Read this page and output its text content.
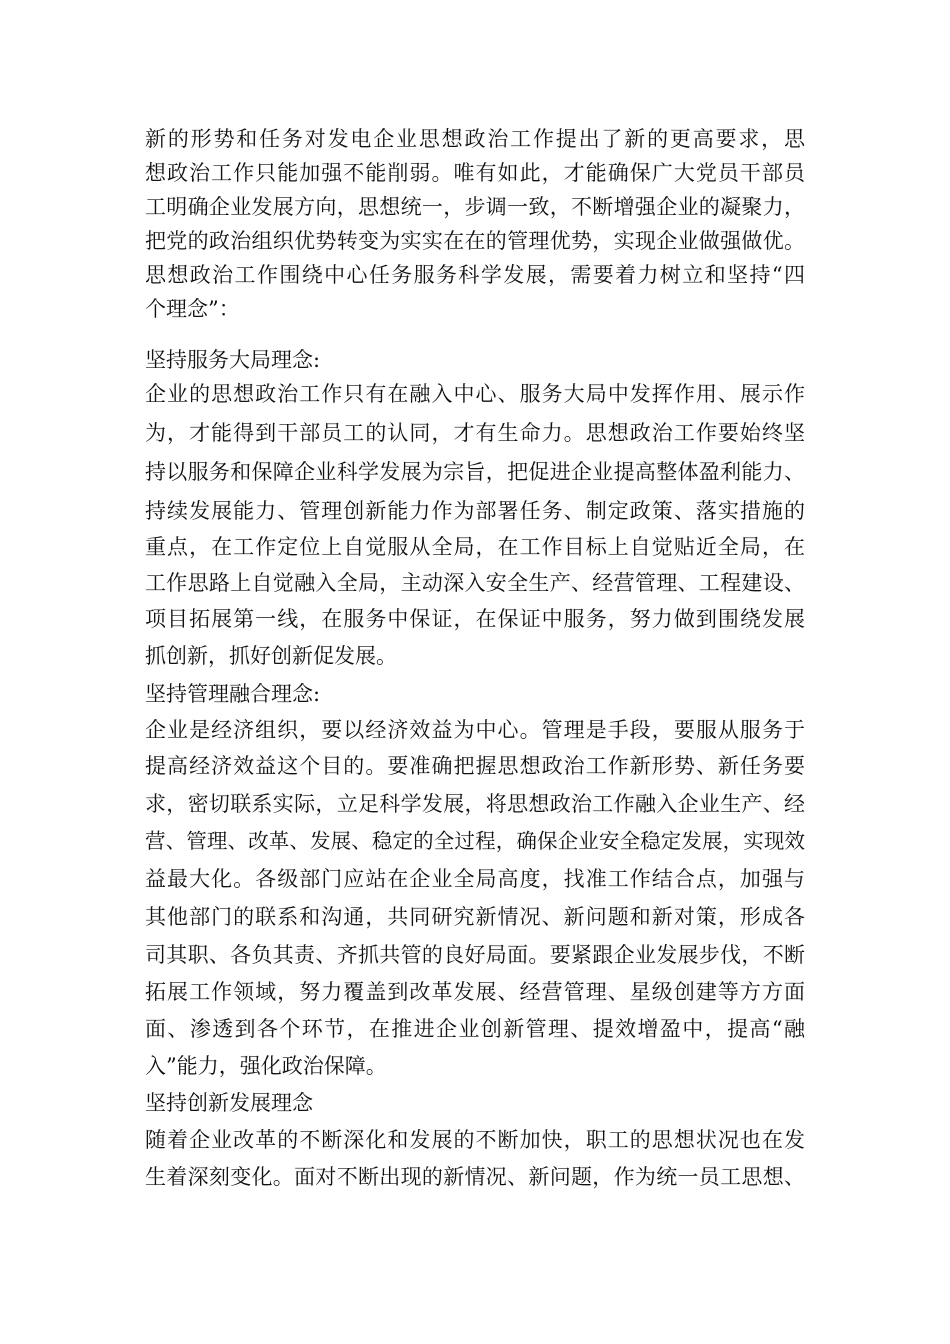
新的形势和任务对发电企业思想政治工作提出了新的更高要求，思
想政治工作只能加强不能削弱。唯有如此，才能确保广大党员干部员
工明确企业发展方向，思想统一，步调一致，不断增强企业的凝聚力，
把党的政治组织优势转变为实实在在的管理优势，实现企业做强做优。
思想政治工作围绕中心任务服务科学发展，需要着力树立和坚持“四
个理念”：
坚持服务大局理念:
企业的思想政治工作只有在融入中心、服务大局中发挥作用、展示作
为，才能得到干部员工的认同，才有生命力。思想政治工作要始终坚
持以服务和保障企业科学发展为宗旨，把促进企业提高整体盈利能力、
持续发展能力、管理创新能力作为部署任务、制定政策、落实措施的
重点，在工作定位上自觉服从全局，在工作目标上自觉贴近全局，在
工作思路上自觉融入全局，主动深入安全生产、经营管理、工程建设、
项目拓展第一线，在服务中保证，在保证中服务，努力做到围绕发展
抓创新，抓好创新促发展。
坚持管理融合理念:
企业是经济组织，要以经济效益为中心。管理是手段，要服从服务于
提高经济效益这个目的。要准确把握思想政治工作新形势、新任务要
求，密切联系实际，立足科学发展，将思想政治工作融入企业生产、经
营、管理、改革、发展、稳定的全过程，确保企业安全稳定发展，实现效
益最大化。各级部门应站在企业全局高度，找准工作结合点，加强与
其他部门的联系和沟通，共同研究新情况、新问题和新对策，形成各
司其职、各负其责、齐抓共管的良好局面。要紧跟企业发展步伐，不断
拓展工作领域，努力覆盖到改革发展、经营管理、星级创建等方方面
面、渗透到各个环节，在推进企业创新管理、提效增盈中，提高“融
入”能力，强化政治保障。
坚持创新发展理念
随着企业改革的不断深化和发展的不断加快，职工的思想状况也在发
生着深刻变化。面对不断出现的新情况、新问题，作为统一员工思想、
